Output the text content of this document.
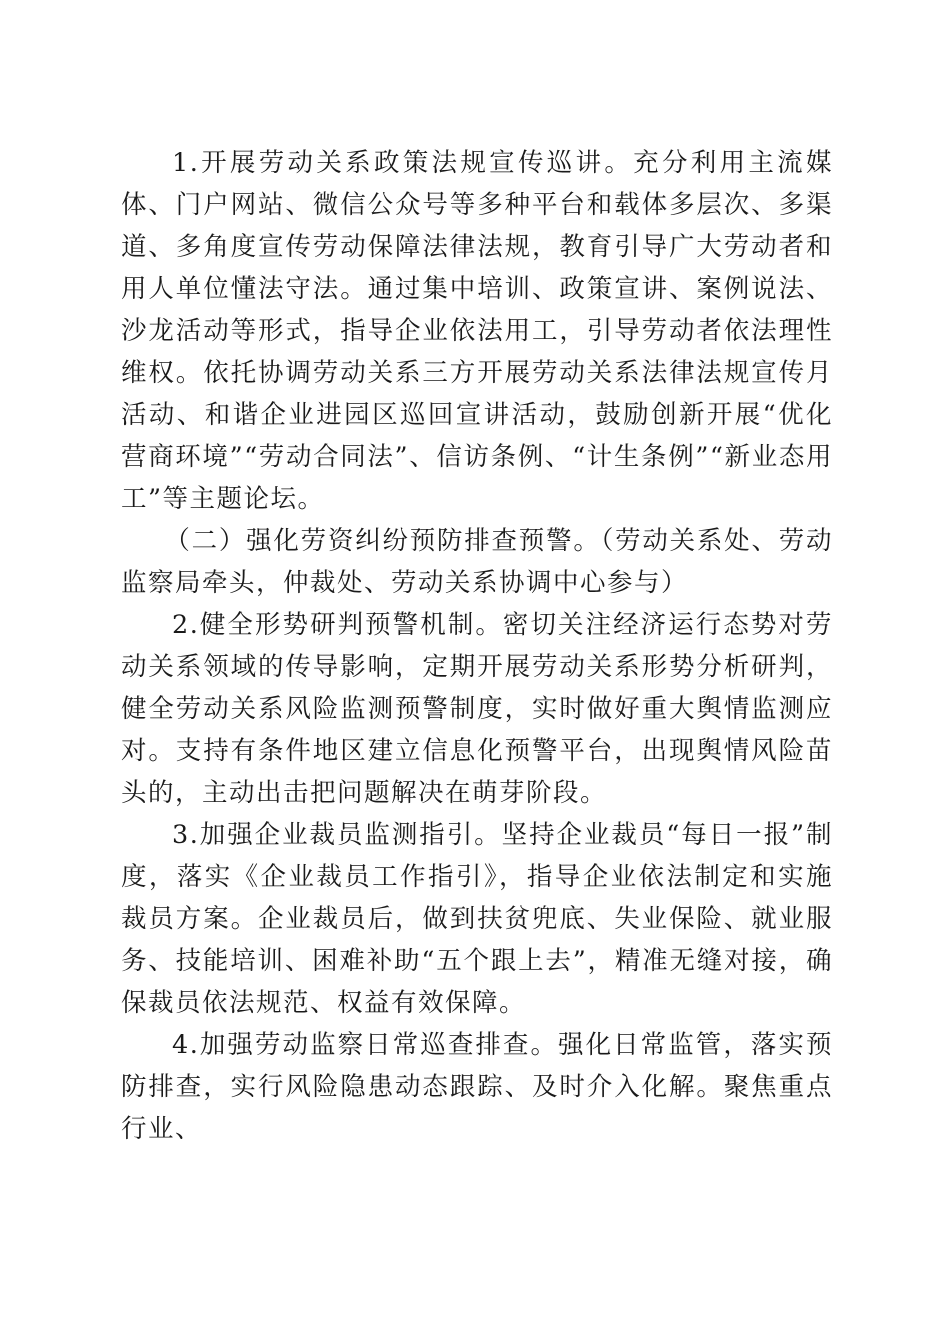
1.开展劳动关系政策法规宣传巡讲。充分利用主流媒体、门户网站、微信公众号等多种平台和载体多层次、多渠道、多角度宣传劳动保障法律法规，教育引导广大劳动者和用人单位懂法守法。通过集中培训、政策宣讲、案例说法、沙龙活动等形式，指导企业依法用工，引导劳动者依法理性维权。依托协调劳动关系三方开展劳动关系法律法规宣传月活动、和谐企业进园区巡回宣讲活动，鼓励创新开展“优化营商环境”“劳动合同法”、信访条例、“计生条例”“新业态用工”等主题论坛。

（二）强化劳资纠纷预防排查预警。（劳动关系处、劳动监察局牵头，仲裁处、劳动关系协调中心参与）

2.健全形势研判预警机制。密切关注经济运行态势对劳动关系领域的传导影响，定期开展劳动关系形势分析研判，健全劳动关系风险监测预警制度，实时做好重大舆情监测应对。支持有条件地区建立信息化预警平台，出现舆情风险苗头的，主动出击把问题解决在萌芽阶段。

3.加强企业裁员监测指引。坚持企业裁员“每日一报”制度，落实《企业裁员工作指引》，指导企业依法制定和实施裁员方案。企业裁员后，做到扶贫兜底、失业保险、就业服务、技能培训、困难补助“五个跟上去”，精准无缝对接，确保裁员依法规范、权益有效保障。

4.加强劳动监察日常巡查排查。强化日常监管，落实预防排查，实行风险隐患动态跟踪、及时介入化解。聚焦重点行业、
